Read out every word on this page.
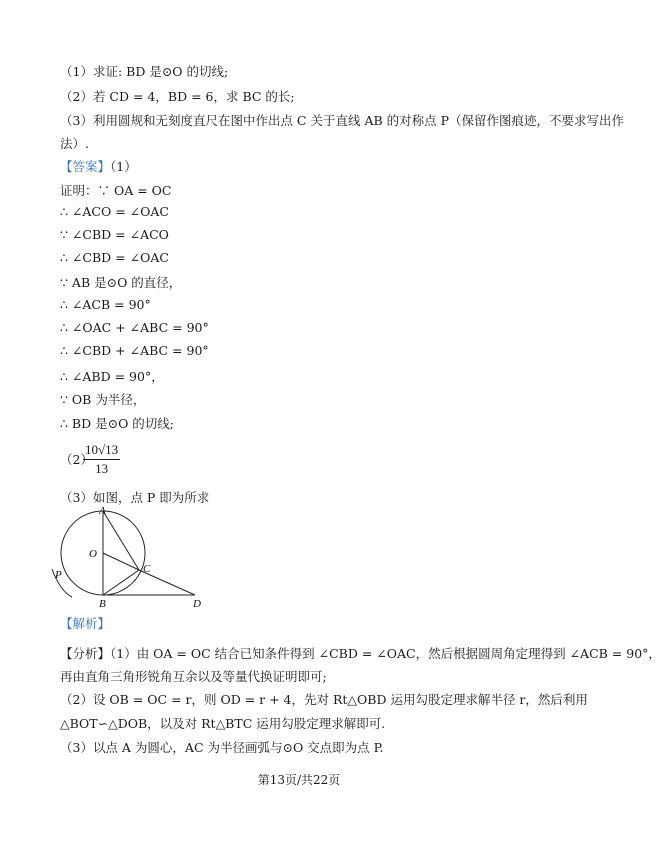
（1）求证: BD 是⊙O 的切线;
（2）若 CD = 4，BD = 6，求 BC 的长;
（3）利用圆规和无刻度直尺在图中作出点 C 关于直线 AB 的对称点 P（保留作图痕迹，不要求写出作
法）.
【答案】（1）
证明：∵ OA = OC
∴ ∠ACO = ∠OAC
∵ ∠CBD = ∠ACO
∴ ∠CBD = ∠OAC
∵ AB 是⊙O 的直径，
∴ ∠ACB = 90°
∴ ∠OAC + ∠ABC = 90°
∴ ∠CBD + ∠ABC = 90°
∴ ∠ABD = 90°，
∵ OB 为半径，
∴ BD 是⊙O 的切线;
（2）
$\frac{10√13}{13}$
（3）如图，点 P 即为所求
A
O
C
B	D
P
【解析】
【分析】（1）由 OA = OC 结合已知条件得到 ∠CBD = ∠OAC，然后根据圆周角定理得到 ∠ACB = 90°，
再由直角三角形锐角互余以及等量代换证明即可;
（2）设 OB = OC = r，则 OD = r + 4，先对 Rt△OBD 运用勾股定理求解半径 r，然后利用
△BOT∽△DOB，以及对 Rt△BTC 运用勾股定理求解即可.
（3）以点 A 为圆心，AC 为半径画弧与⊙O 交点即为点 P.
第13页/共22页
